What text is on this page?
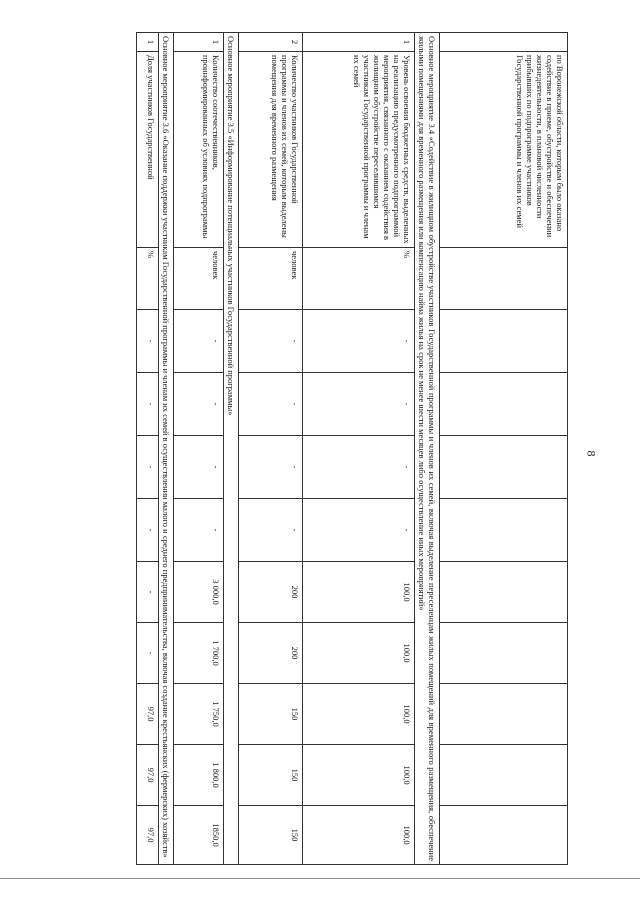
8
	по Воронежской области, которым было оказано содействие в приеме, обустройстве и обеспечении жизнедеятельности, в плановой численности прибывших по подпрограмме участников Государственной программы и членов их семей										
Основное мероприятие 3.4 «Содействие в жилищном обустройстве участников Государственной программы и членов их семей, включая выделение переселенцам жилых помещений для временного размещения, обеспечение жилыми помещениями для временного размещения или компенсацию найма жилья на срок не менее шести месяцев либо осуществление иных мероприятий»											
1	Уровень освоения бюджетных средств, выделенных на реализацию предусмотренного подпрограммой мероприятия, связанного с оказанием содействия в жилищном обустройстве переселившимся участникам Государственной программы и членам их семей	%	-	-	-	-	100,0	100,0	100,0	100,0	100,0
2	Количество участников Государственной программы и членов их семей, которым выделены помещения для временного размещения	человек	-	-	-	-	200	200	150	150	150
Основное мероприятие 3.5 «Информирование потенциальных участников Государственной программы»											
1	Количество соотечественников, проинформированных об условиях подпрограммы	человек	-	-	-	-	3 000,0	1 700,0	1 750,0	1 800,0	1850,0
Основное мероприятие 3.6 «Оказание поддержки участникам Государственной программы и членам их семей в осуществлении малого и среднего предпринимательства, включая создание крестьянских (фермерских) хозяйств»											
1	Доля участников Государственной	%	-	-	-	-	-	-	97,0	97,0	97,0
